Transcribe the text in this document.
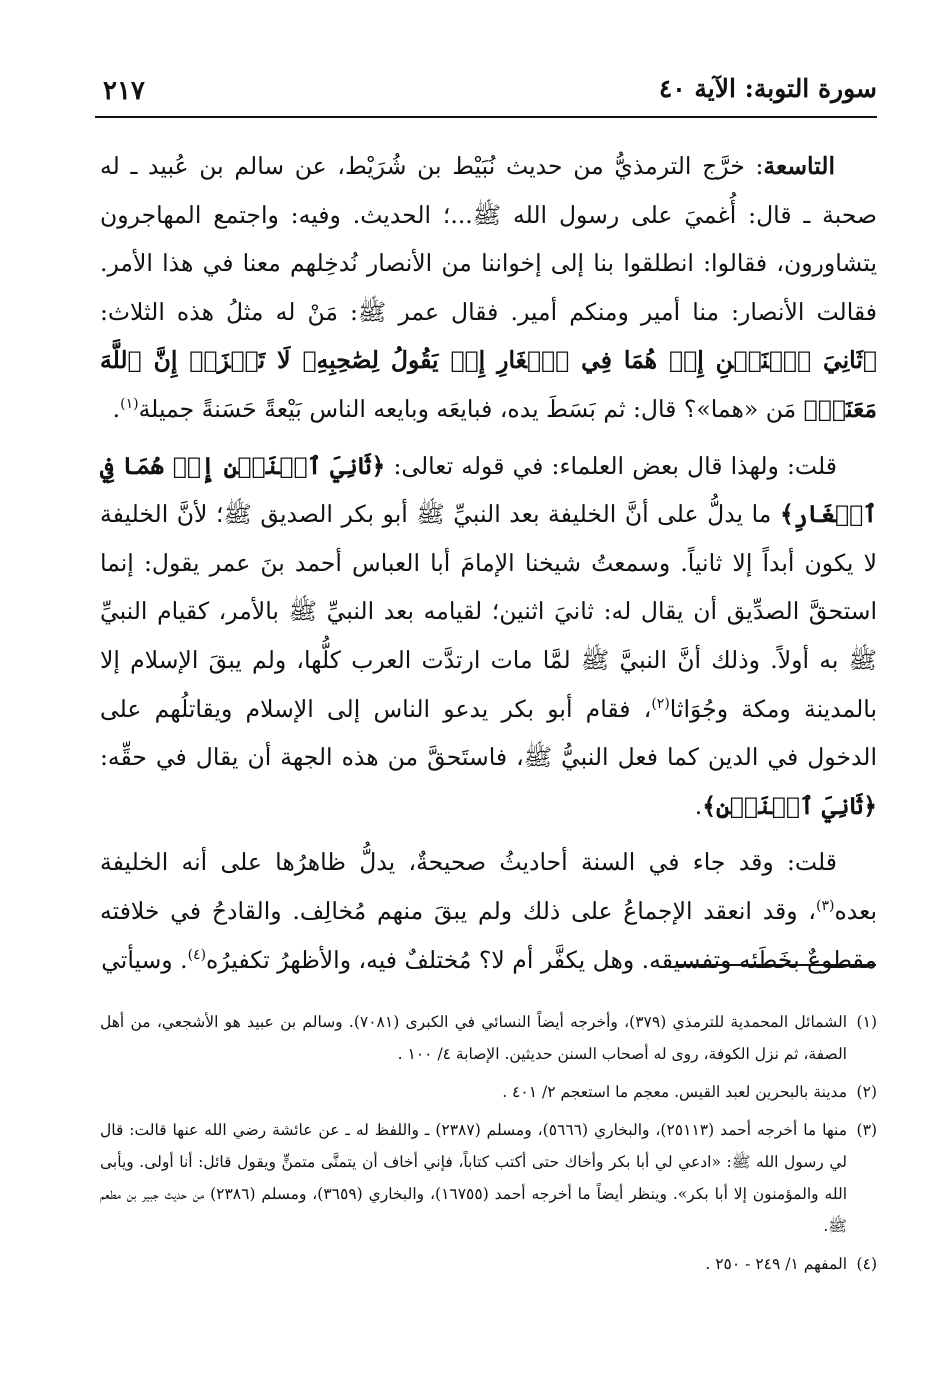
سورة التوبة: الآية ٤٠
٢١٧

التاسعة: خرَّج الترمذيُّ من حديث نُبَيْط بن شُرَيْط، عن سالم بن عُبيد ـ له صحبة ـ قال: أُغميَ على رسول الله ﷺ...؛ الحديث. وفيه: واجتمع المهاجرون يتشاورون، فقالوا: انطلقوا بنا إلى إخواننا من الأنصار نُدخِلهم معنا في هذا الأمر. فقالت الأنصار: منا أمير ومنكم أمير. فقال عمر ﷺ: مَنْ له مثلُ هذه الثلاث: ﴿ثَانِيَ ٱثۡنَيۡنِ إِذۡ هُمَا فِي ٱلۡغَارِ إِذۡ يَقُولُ لِصَٰحِبِهِۦ لَا تَحۡزَنۡ إِنَّ ٱللَّهَ مَعَنَاۖ﴾ مَن «هما»؟ قال: ثم بَسَطَ يده، فبايعَه وبايعه الناس بَيْعةً حَسَنةً جميلة$^{(١)}$.

قلت: ولهذا قال بعض العلماء: في قوله تعالى: ﴿ثَانِيَ ٱثۡنَيۡنِ إِذۡ هُمَا فِي ٱلۡغَارِ﴾ ما يدلُّ على أنَّ الخليفة بعد النبيِّ ﷺ أبو بكر الصديق ﷺ؛ لأنَّ الخليفة لا يكون أبداً إلا ثانياً. وسمعتُ شيخنا الإمامَ أبا العباس أحمد بنَ عمر يقول: إنما استحقَّ الصدِّيق أن يقال له: ثانيَ اثنين؛ لقيامه بعد النبيِّ ﷺ بالأمر، كقيام النبيِّ ﷺ به أولاً. وذلك أنَّ النبيَّ ﷺ لمَّا مات ارتدَّت العرب كلُّها، ولم يبقَ الإسلام إلا بالمدينة ومكة وجُوَاثا$^{(٢)}$، فقام أبو بكر يدعو الناس إلى الإسلام ويقاتلُهم على الدخول في الدين كما فعل النبيُّ ﷺ، فاستَحقَّ من هذه الجهة أن يقال في حقِّه: ﴿ثَانِيَ ٱثۡنَيۡنِ﴾.

قلت: وقد جاء في السنة أحاديثُ صحيحةٌ، يدلُّ ظاهرُها على أنه الخليفة بعده$^{(٣)}$، وقد انعقد الإجماعُ على ذلك ولم يبقَ منهم مُخالِف. والقادحُ في خلافته مقطوعٌ بخَطَئه وتفسيقه. وهل يكفَّر أم لا؟ مُختلفٌ فيه، والأظهرُ تكفيرُه$^{(٤)}$. وسيأتي

(١)الشمائل المحمدية للترمذي (٣٧٩)، وأخرجه أيضاً النسائي في الكبرى (٧٠٨١). وسالم بن عبيد هو الأشجعي، من أهل الصفة، ثم نزل الكوفة، روى له أصحاب السنن حديثين. الإصابة ٤/ ١٠٠ .
(٢)مدينة بالبحرين لعبد القيس. معجم ما استعجم ٢/ ٤٠١ .
(٣)منها ما أخرجه أحمد (٢٥١١٣)، والبخاري (٥٦٦٦)، ومسلم (٢٣٨٧) ـ واللفظ له ـ عن عائشة رضي الله عنها قالت: قال لي رسول الله ﷺ: «ادعي لي أبا بكر وأخاك حتى أكتب كتاباً، فإني أخاف أن يتمنَّى متمنٍّ ويقول قائل: أنا أولى. ويأبى الله والمؤمنون إلا أبا بكر». وينظر أيضاً ما أخرجه أحمد (١٦٧٥٥)، والبخاري (٣٦٥٩)، ومسلم (٢٣٨٦) من حديث جبير بن مطعم ﷺ.
(٤)المفهم ١/ ٢٤٩ - ٢٥٠ .
